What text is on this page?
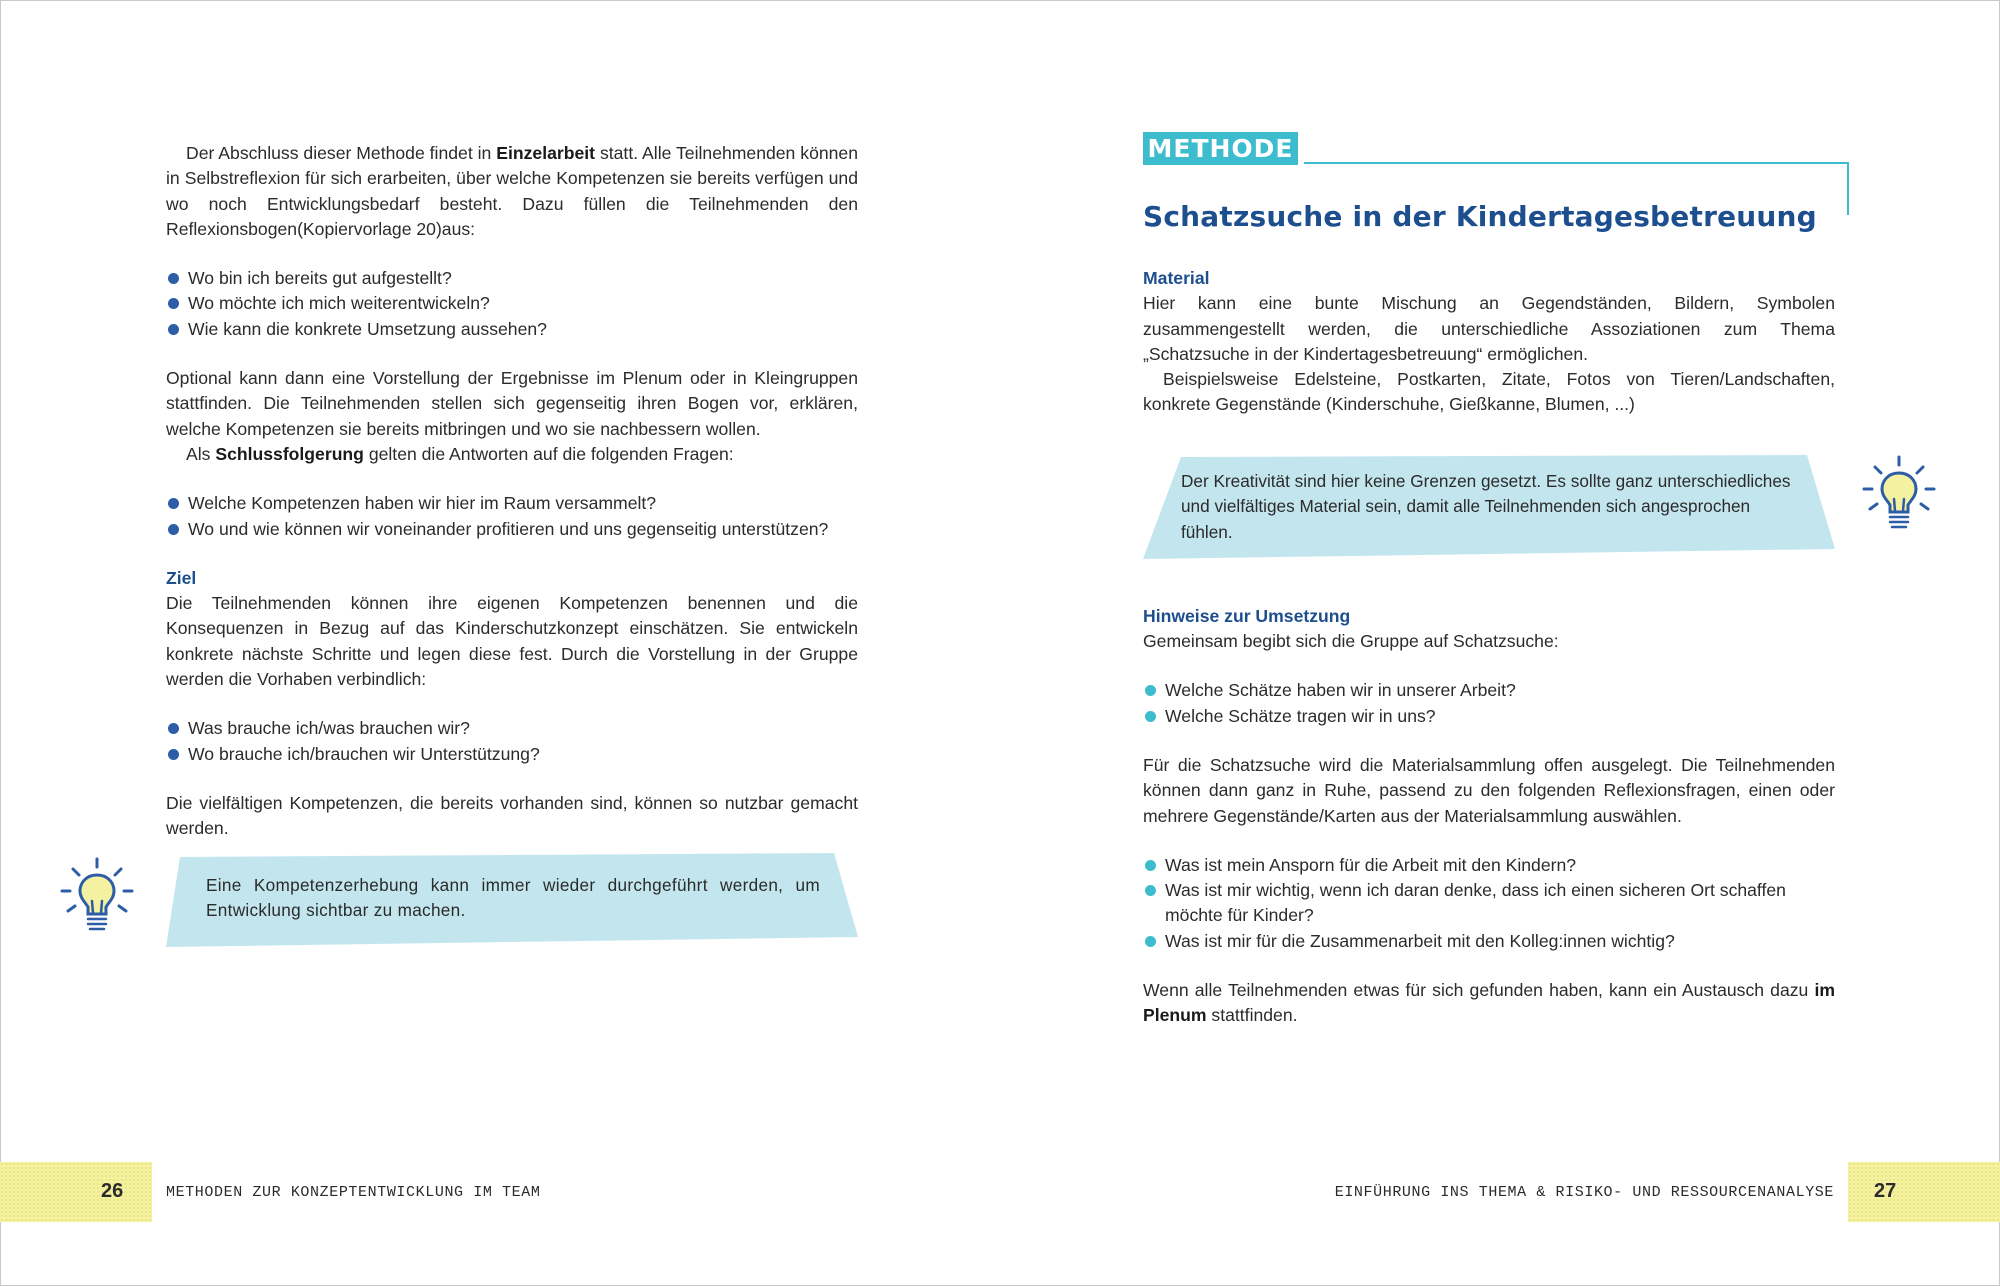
Der Abschluss dieser Methode findet in Einzelarbeit statt. Alle Teilnehmenden können in Selbstreflexion für sich erarbeiten, über welche Kompetenzen sie bereits verfügen und wo noch Entwicklungsbedarf besteht. Dazu füllen die Teilnehmenden den Reflexionsbogen(Kopiervorlage 20)aus:

Wo bin ich bereits gut aufgestellt?
Wo möchte ich mich weiterentwickeln?
Wie kann die konkrete Umsetzung aussehen?

Optional kann dann eine Vorstellung der Ergebnisse im Plenum oder in Kleingruppen stattfinden. Die Teilnehmenden stellen sich gegenseitig ihren Bogen vor, erklären, welche Kompetenzen sie bereits mitbringen und wo sie nachbessern wollen.

Als Schlussfolgerung gelten die Antworten auf die folgenden Fragen:

Welche Kompetenzen haben wir hier im Raum versammelt?
Wo und wie können wir voneinander profitieren und uns gegenseitig unterstützen?

Ziel

Die Teilnehmenden können ihre eigenen Kompetenzen benennen und die Konsequenzen in Bezug auf das Kinderschutzkonzept einschätzen. Sie entwickeln konkrete nächste Schritte und legen diese fest. Durch die Vorstellung in der Gruppe werden die Vorhaben verbindlich:

Was brauche ich/was brauchen wir?
Wo brauche ich/brauchen wir Unterstützung?

Die vielfältigen Kompetenzen, die bereits vorhanden sind, können so nutzbar gemacht werden.

Eine Kompetenzerhebung kann immer wieder durchgeführt werden, um Entwicklung sichtbar zu machen.
METHODE
Schatzsuche in der Kindertagesbetreuung

Material

Hier kann eine bunte Mischung an Gegendständen, Bildern, Symbolen zusammengestellt werden, die unterschiedliche Assoziationen zum Thema „Schatzsuche in der Kindertagesbetreuung“ ermöglichen.

Beispielsweise Edelsteine, Postkarten, Zitate, Fotos von Tieren/Landschaften, konkrete Gegenstände (Kinderschuhe, Gießkanne, Blumen, ...)

Hinweise zur Umsetzung

Gemeinsam begibt sich die Gruppe auf Schatzsuche:

Welche Schätze haben wir in unserer Arbeit?
Welche Schätze tragen wir in uns?

Für die Schatzsuche wird die Materialsammlung offen ausgelegt. Die Teilnehmenden können dann ganz in Ruhe, passend zu den folgenden Reflexionsfragen, einen oder mehrere Gegenstände/Karten aus der Materialsammlung auswählen.

Was ist mein Ansporn für die Arbeit mit den Kindern?
Was ist mir wichtig, wenn ich daran denke, dass ich einen sicheren Ort schaffen möchte für Kinder?
Was ist mir für die Zusammenarbeit mit den Kolleg:innen wichtig?

Wenn alle Teilnehmenden etwas für sich gefunden haben, kann ein Austausch dazu im Plenum stattfinden.

Der Kreativität sind hier keine Grenzen gesetzt. Es sollte ganz unterschiedliches und vielfältiges Material sein, damit alle Teilnehmenden sich angesprochen fühlen.
26	METHODEN ZUR KONZEPTENTWICKLUNG IM TEAM	27
EINFÜHRUNG INS THEMA & RISIKO- UND RESSOURCENANALYSE
